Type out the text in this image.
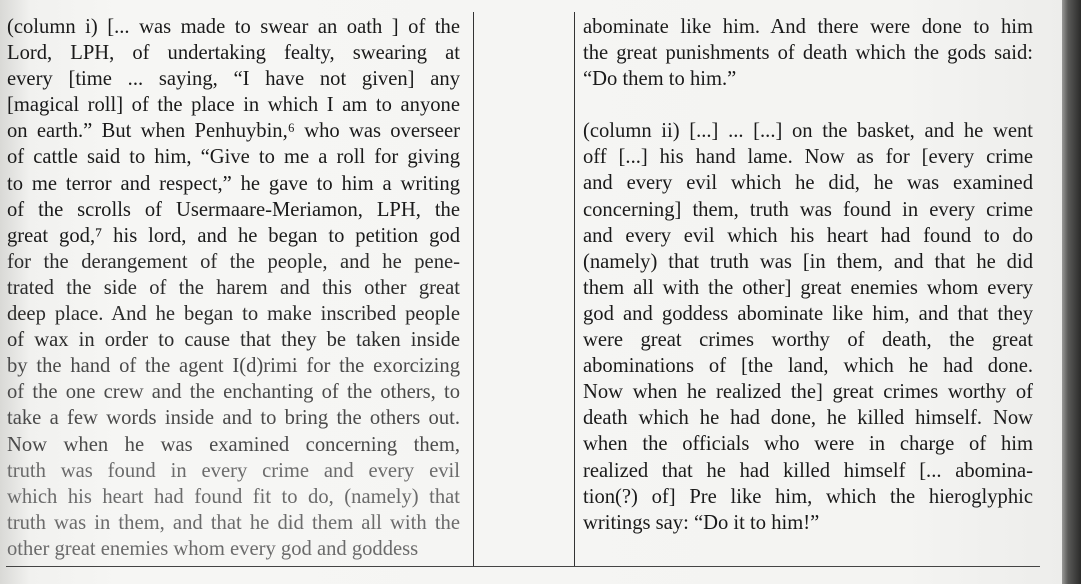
(column i) [... was made to swear an oath ] of the
Lord, LPH, of undertaking fealty, swearing at
every [time ... saying, “I have not given] any
[magical roll] of the place in which I am to anyone
on earth.” But when Penhuybin,⁶ who was overseer
of cattle said to him, “Give to me a roll for giving
to me terror and respect,” he gave to him a writing
of the scrolls of Usermaare-Meriamon, LPH, the
great god,⁷ his lord, and he began to petition god
for the derangement of the people, and he pene-
trated the side of the harem and this other great
deep place. And he began to make inscribed people
of wax in order to cause that they be taken inside
by the hand of the agent I(d)rimi for the exorcizing
of the one crew and the enchanting of the others, to
take a few words inside and to bring the others out.
Now when he was examined concerning them,
truth was found in every crime and every evil
which his heart had found fit to do, (namely) that
truth was in them, and that he did them all with the
other great enemies whom every god and goddess
abominate like him. And there were done to him
the great punishments of death which the gods said:
“Do them to him.”
(column ii) [...] ... [...] on the basket, and he went
off [...] his hand lame. Now as for [every crime
and every evil which he did, he was examined
concerning] them, truth was found in every crime
and every evil which his heart had found to do
(namely) that truth was [in them, and that he did
them all with the other] great enemies whom every
god and goddess abominate like him, and that they
were great crimes worthy of death, the great
abominations of [the land, which he had done.
Now when he realized the] great crimes worthy of
death which he had done, he killed himself. Now
when the officials who were in charge of him
realized that he had killed himself [... abomina-
tion(?) of] Pre like him, which the hieroglyphic
writings say: “Do it to him!”
